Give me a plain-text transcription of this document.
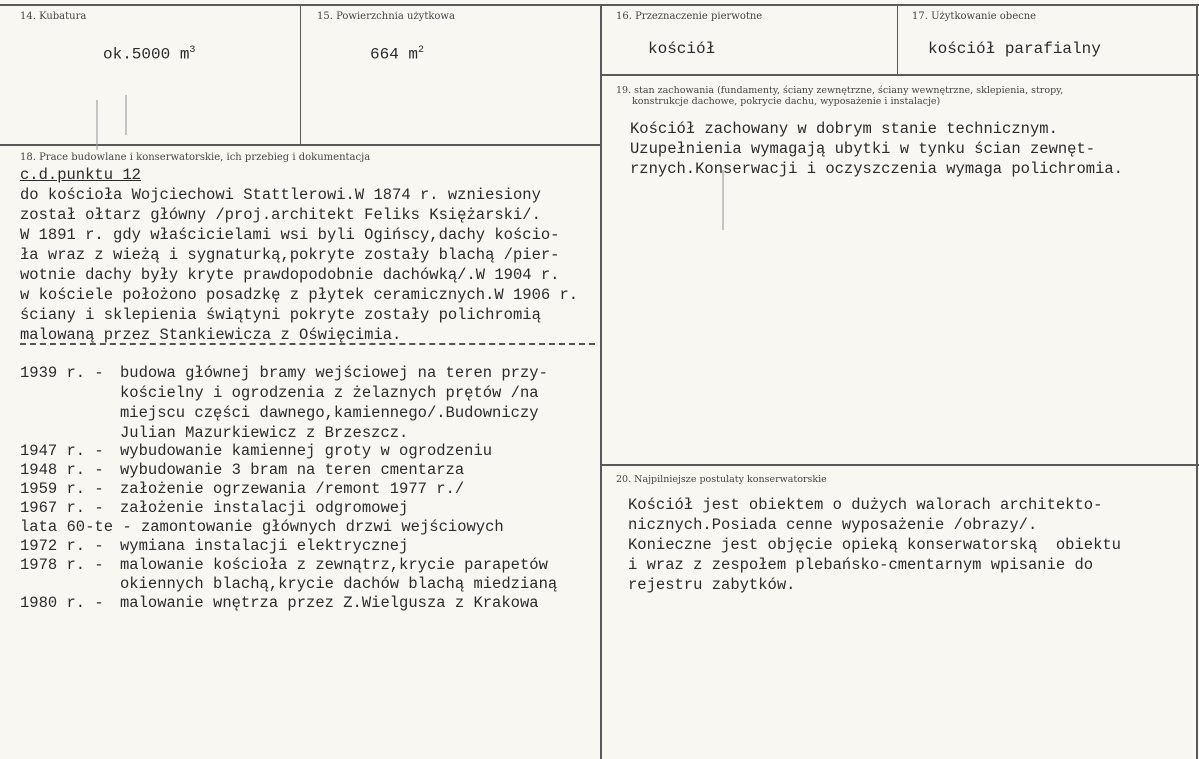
14. Kubatura
ok.5000 $m^3$
15. Powierzchnia użytkowa
664 $m^2$
16. Przeznaczenie pierwotne
kościół
17. Użytkowanie obecne
kościół parafialny
19. stan zachowania (fundamenty, ściany zewnętrzne, ściany wewnętrzne, sklepienia, stropy,
konstrukcje dachowe, pokrycie dachu, wyposażenie i instalacje)
Kościół zachowany w dobrym stanie technicznym.
Uzupełnienia wymagają ubytki w tynku ścian zewnęt-
rznych.Konserwacji i oczyszczenia wymaga polichromia.
20. Najpilniejsze postulaty konserwatorskie
Kościół jest obiektem o dużych walorach architekto-
nicznych.Posiada cenne wyposażenie /obrazy/.
Konieczne jest objęcie opieką konserwatorską  obiektu
i wraz z zespołem plebańsko-cmentarnym wpisanie do
rejestru zabytków.
18. Prace budowlane i konserwatorskie, ich przebieg i dokumentacja
c.d.punktu 12
do kościoła Wojciechowi Stattlerowi.W 1874 r. wzniesiony
został ołtarz główny /proj.architekt Feliks Księżarski/.
W 1891 r. gdy właścicielami wsi byli Ogińscy,dachy kościo-
ła wraz z wieżą i sygnaturką,pokryte zostały blachą /pier-
wotnie dachy były kryte prawdopodobnie dachówką/.W 1904 r.
w kościele położono posadzkę z płytek ceramicznych.W 1906 r.
ściany i sklepienia świątyni pokryte zostały polichromią
malowaną przez Stankiewicza z Oświęcimia.
1939 r. - budowa głównej bramy wejściowej na teren przy-
kościelny i ogrodzenia z żelaznych prętów /na
miejscu części dawnego,kamiennego/.Budowniczy
Julian Mazurkiewicz z Brzeszcz.
1947 r. - wybudowanie kamiennej groty w ogrodzeniu
1948 r. - wybudowanie 3 bram na teren cmentarza
1959 r. - założenie ogrzewania /remont 1977 r./
1967 r. - założenie instalacji odgromowej
lata 60-te - zamontowanie głównych drzwi wejściowych
1972 r. - wymiana instalacji elektrycznej
1978 r. - malowanie kościoła z zewnątrz,krycie parapetów
okiennych blachą,krycie dachów blachą miedzianą
1980 r. - malowanie wnętrza przez Z.Wielgusza z Krakowa
